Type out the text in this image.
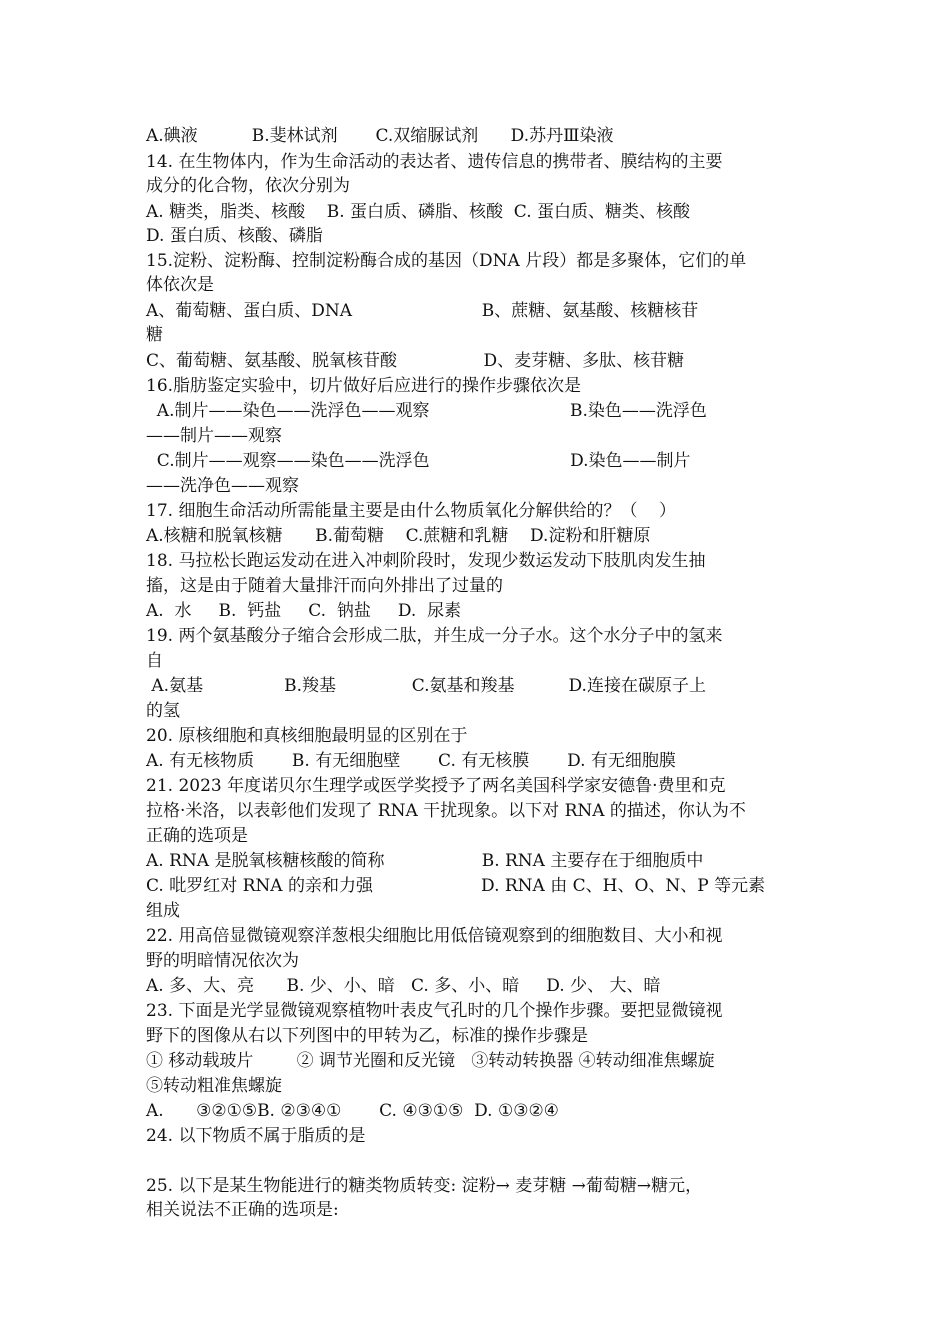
A.碘液          B.斐林试剂       C.双缩脲试剂      D.苏丹Ⅲ染液
14. 在生物体内，作为生命活动的表达者、遗传信息的携带者、膜结构的主要
成分的化合物，依次分别为
A. 糖类，脂类、核酸    B. 蛋白质、磷脂、核酸  C. 蛋白质、糖类、核酸
D. 蛋白质、核酸、磷脂
15.淀粉、淀粉酶、控制淀粉酶合成的基因（DNA 片段）都是多聚体，它们的单
体依次是
A、葡萄糖、蛋白质、DNA                        B、蔗糖、氨基酸、核糖核苷
糖
C、葡萄糖、氨基酸、脱氧核苷酸                D、麦芽糖、多肽、核苷糖
16.脂肪鉴定实验中，切片做好后应进行的操作步骤依次是
A.制片——染色——洗浮色——观察                          B.染色——洗浮色
——制片——观察
C.制片——观察——染色——洗浮色                          D.染色——制片
——洗净色——观察
17. 细胞生命活动所需能量主要是由什么物质氧化分解供给的？（    ）
A.核糖和脱氧核糖      B.葡萄糖    C.蔗糖和乳糖    D.淀粉和肝糖原
18. 马拉松长跑运发动在进入冲刺阶段时，发现少数运发动下肢肌肉发生抽
搐，这是由于随着大量排汗而向外排出了过量的
A.  水     B.  钙盐     C.  钠盐     D.  尿素
19. 两个氨基酸分子缩合会形成二肽，并生成一分子水。这个水分子中的氢来
自
A.氨基               B.羧基              C.氨基和羧基          D.连接在碳原子上
的氢
20. 原核细胞和真核细胞最明显的区别在于
A. 有无核物质       B. 有无细胞壁       C. 有无核膜       D. 有无细胞膜
21. 2023 年度诺贝尔生理学或医学奖授予了两名美国科学家安德鲁·费里和克
拉格·米洛，以表彰他们发现了 RNA 干扰现象。以下对 RNA 的描述，你认为不
正确的选项是
A. RNA 是脱氧核糖核酸的简称                  B. RNA 主要存在于细胞质中
C. 吡罗红对 RNA 的亲和力强                    D. RNA 由 C、H、O、N、P 等元素
组成
22. 用高倍显微镜观察洋葱根尖细胞比用低倍镜观察到的细胞数目、大小和视
野的明暗情况依次为
A. 多、大、亮      B. 少、小、暗   C. 多、小、暗     D. 少、 大、暗
23. 下面是光学显微镜观察植物叶表皮气孔时的几个操作步骤。要把显微镜视
野下的图像从右以下列图中的甲转为乙，标准的操作步骤是
① 移动载玻片        ② 调节光圈和反光镜   ③转动转换器 ④转动细准焦螺旋
⑤转动粗准焦螺旋
A.      ③②①⑤B. ②③④①       C. ④③①⑤  D. ①③②④
24. 以下物质不属于脂质的是
25. 以下是某生物能进行的糖类物质转变: 淀粉→ 麦芽糖 →葡萄糖→糖元，
相关说法不正确的选项是:
